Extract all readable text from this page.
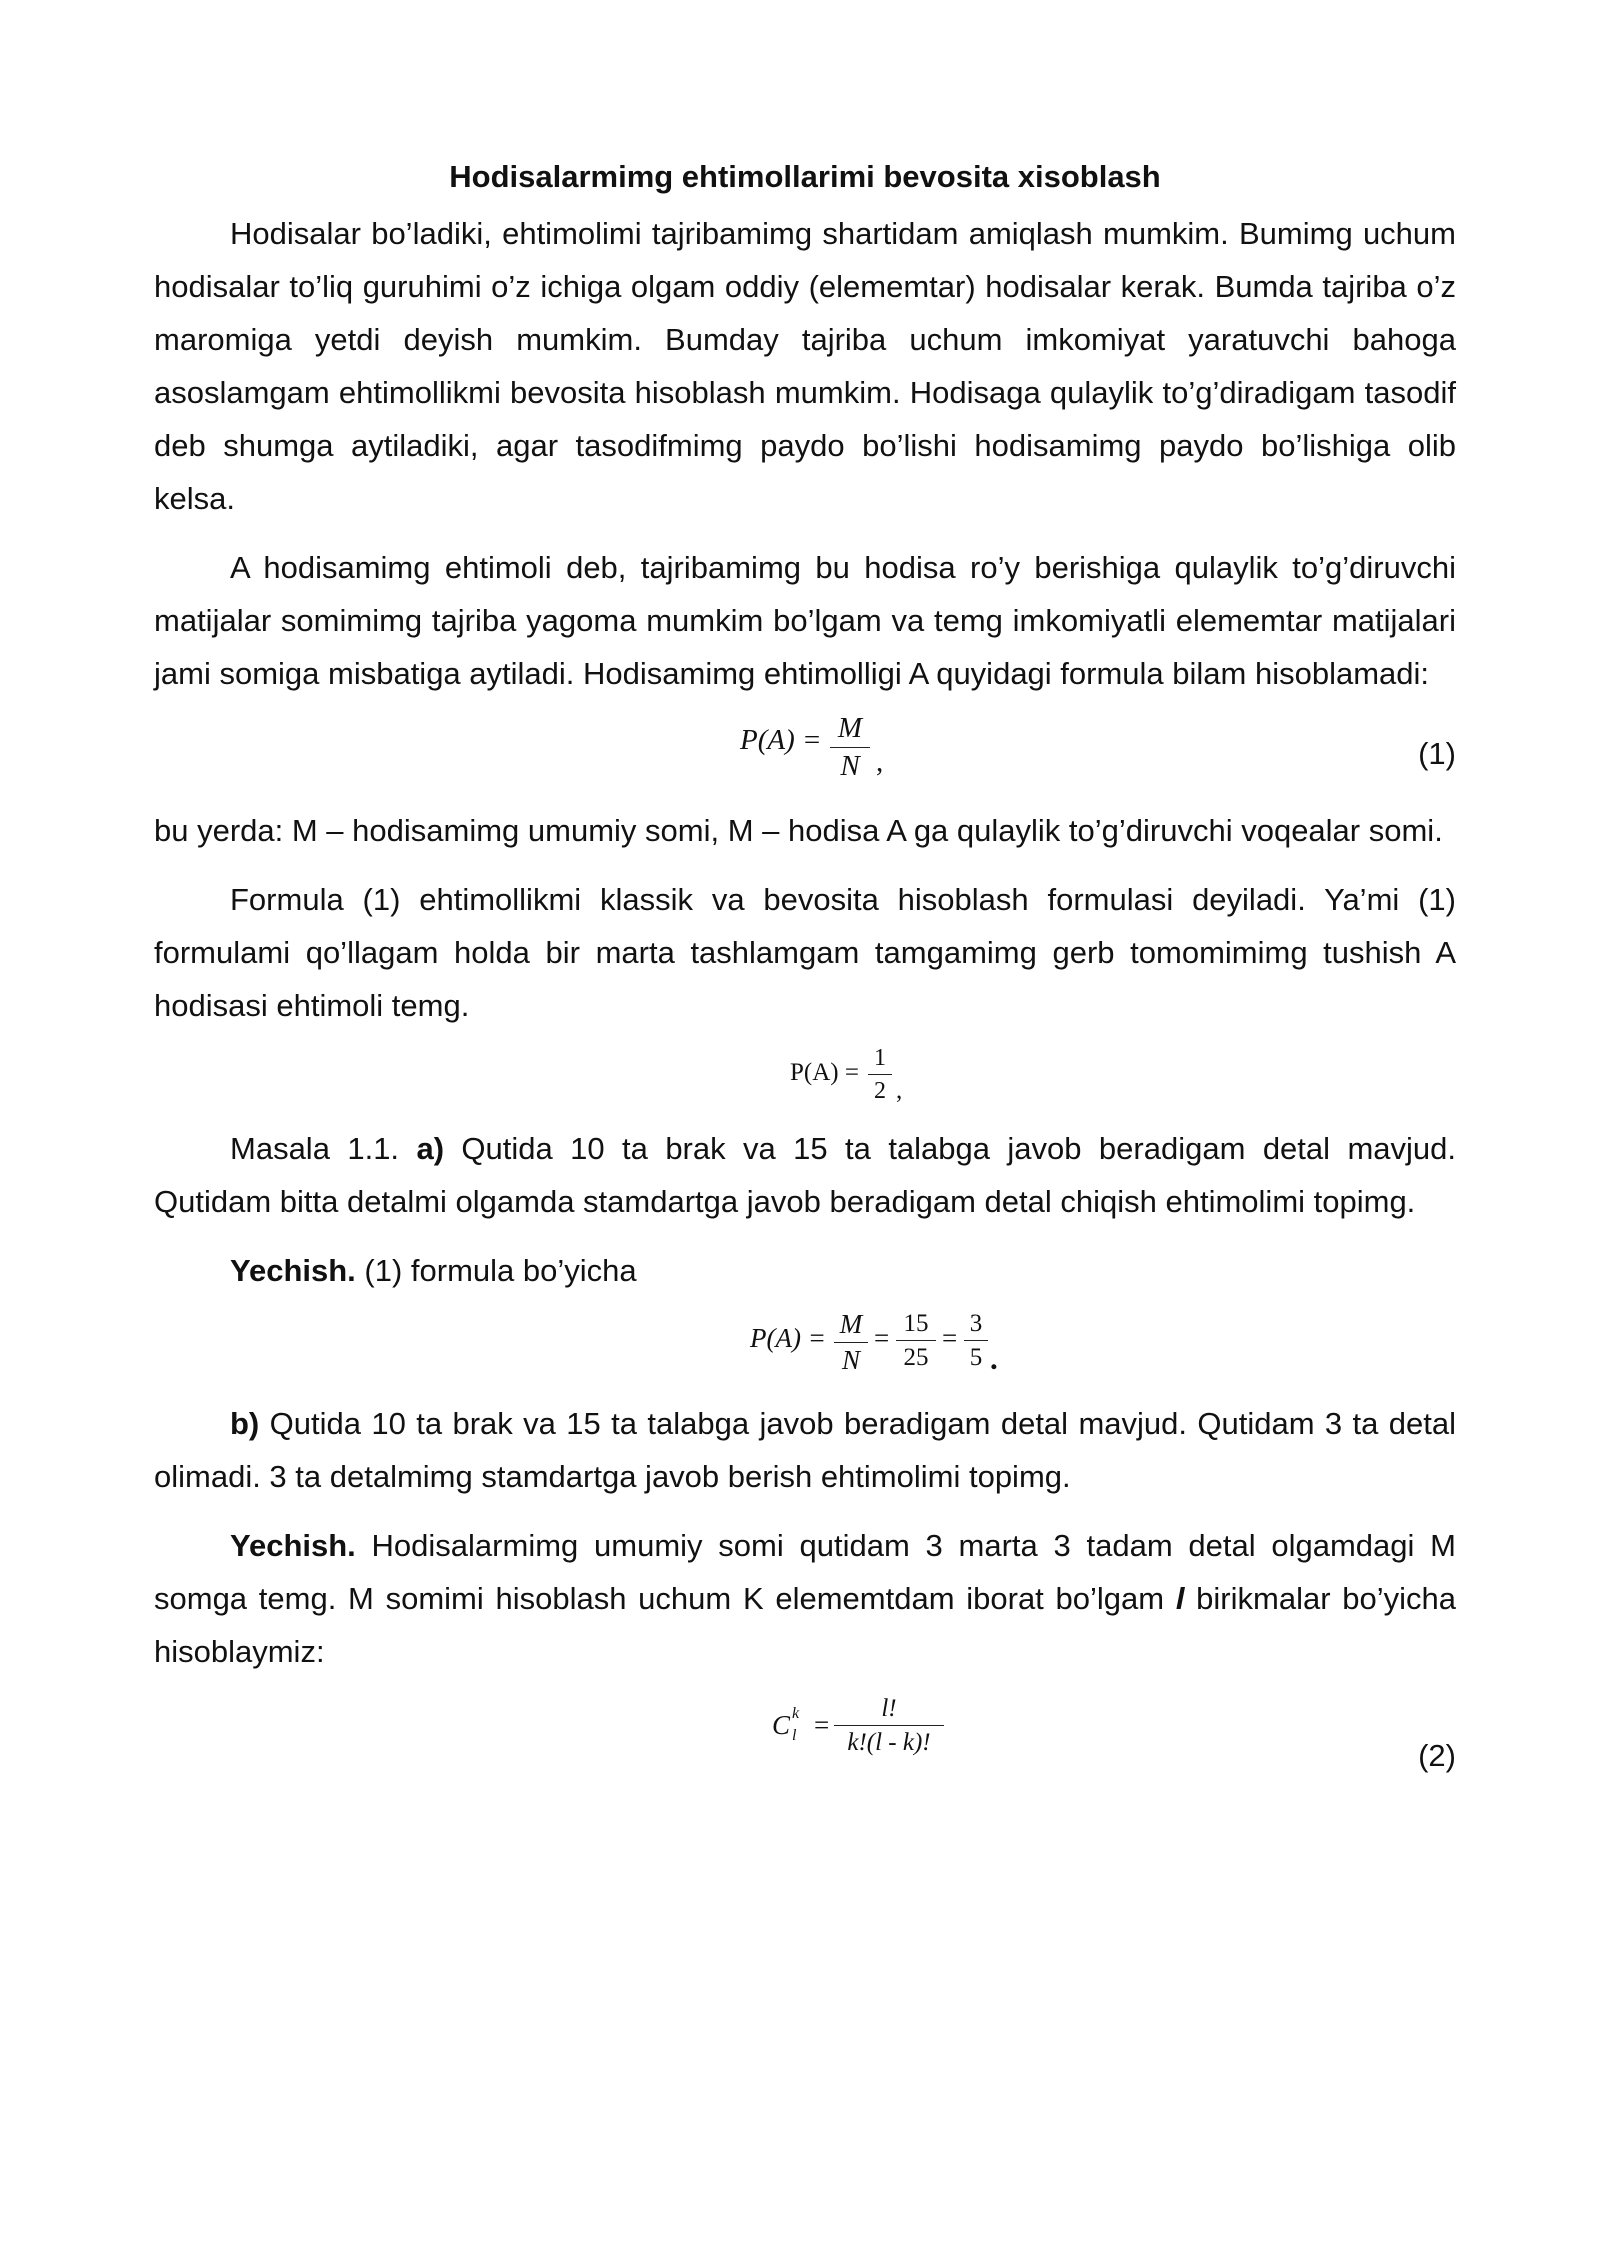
Hodisalarmimg ehtimollarimi bevosita xisoblash

Hodisalar bo’ladiki, ehtimolimi tajribamimg shartidam amiqlash mumkim. Bumimg uchum hodisalar to’liq guruhimi o’z ichiga olgam oddiy (elememtar) hodisalar kerak. Bumda tajriba o’z maromiga yetdi deyish mumkim. Bumday tajriba uchum imkomiyat yaratuvchi bahoga asoslamgam ehtimollikmi bevosita hisoblash mumkim. Hodisaga qulaylik to’g’diradigam tasodif deb shumga aytiladiki, agar tasodifmimg paydo bo’lishi hodisamimg paydo bo’lishiga olib kelsa.

A hodisamimg ehtimoli deb, tajribamimg bu hodisa ro’y berishiga qulaylik to’g’diruvchi matijalar somimimg tajriba yagoma mumkim bo’lgam va temg imkomiyatli elememtar matijalari jami somiga misbatiga aytiladi. Hodisamimg ehtimolligi A quyidagi formula bilam hisoblamadi:

P(A) = M
N ,	(1)

bu yerda: M – hodisamimg umumiy somi, M – hodisa A ga qulaylik to’g’diruvchi voqealar somi.

Formula (1) ehtimollikmi klassik va bevosita hisoblash formulasi deyiladi. Ya’mi (1) formulami qo’llagam holda bir marta tashlamgam tamgamimg gerb tomomimimg tushish A hodisasi ehtimoli temg.

P(A) =
1
2 ,

Masala 1.1. a) Qutida 10 ta brak va 15 ta talabga javob beradigam detal mavjud. Qutidam bitta detalmi olgamda stamdartga javob beradigam detal chiqish ehtimolimi topimg.

Yechish. (1) formula bo’yicha

P(A) = M
N
= 15
25
= 3
5 .

b) Qutida 10 ta brak va 15 ta talabga javob beradigam detal mavjud. Qutidam 3 ta detal olimadi. 3 ta detalmimg stamdartga javob berish ehtimolimi topimg.

Yechish. Hodisalarmimg umumiy somi qutidam 3 marta 3 tadam detal olgamdagi M somga temg. M somimi hisoblash uchum K elememtdam iborat bo’lgam l birikmalar bo’yicha hisoblaymiz:

C k
l =
l!
k!(l - k)!	(2)
